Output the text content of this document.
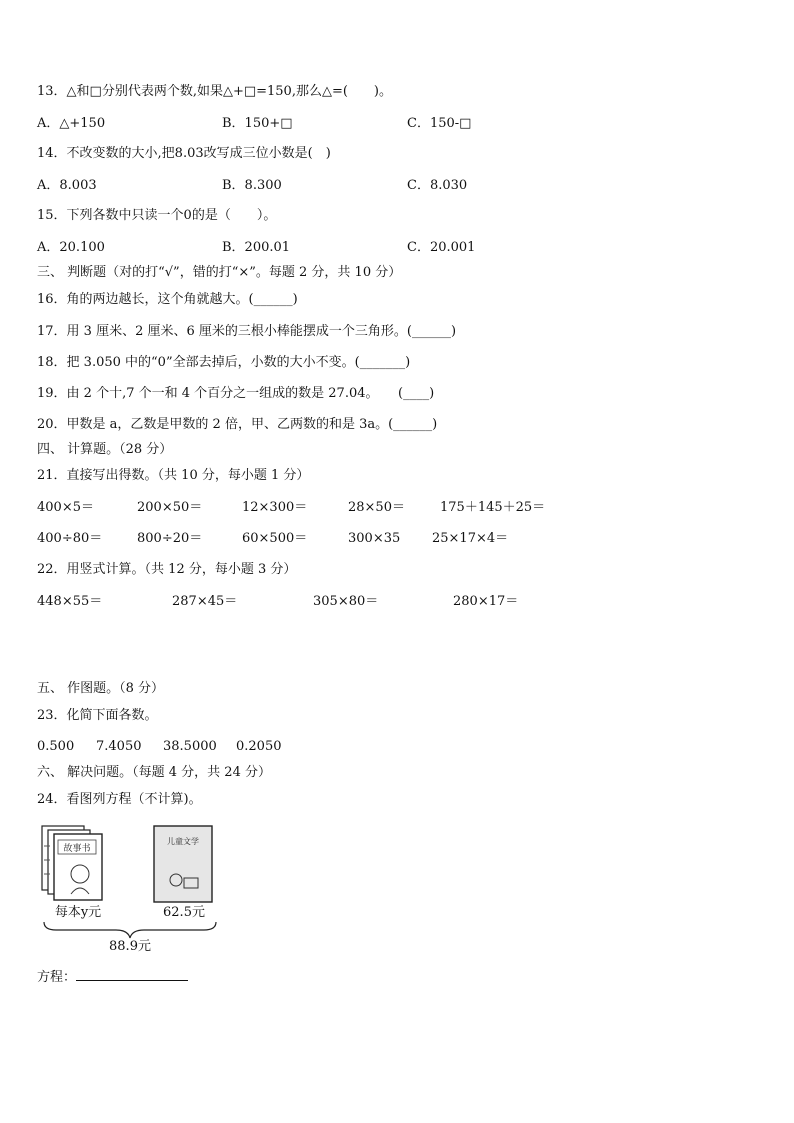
13．△和□分别代表两个数,如果△+□=150,那么△=(　　)。
A．△+150	B．150+□	C．150-□
14．不改变数的大小,把8.03改写成三位小数是(　)
A．8.003	B．8.300	C．8.030
15．下列各数中只读一个0的是（　　）。
A．20.100	B．200.01	C．20.001
三、 判断题（对的打“√”，错的打“×”。每题 2 分，共 10 分）
16．角的两边越长，这个角就越大。(______)
17．用 3 厘米、2 厘米、6 厘米的三根小棒能摆成一个三角形。(______)
18．把 3.050 中的“0”全部去掉后，小数的大小不变。(_______)
19．由 2 个十,7 个一和 4 个百分之一组成的数是 27.04。　　(____)
20．甲数是 a，乙数是甲数的 2 倍，甲、乙两数的和是 3a。(______)
四、 计算题。（28 分）
21．直接写出得数。（共 10 分，每小题 1 分）
400×5＝	200×50＝	12×300＝	28×50＝	175＋145＋25＝
400÷80＝	800÷20＝	60×500＝	300×35 25×17×4＝
22．用竖式计算。（共 12 分，每小题 3 分）
448×55＝	287×45＝	305×80＝	280×17＝
五、 作图题。（8 分）
23．化简下面各数。
0.500 7.4050 38.5000 0.2050
六、 解决问题。（每题 4 分，共 24 分）
24．看图列方程（不计算)。
故事书
儿童文学
每本y元	62.5元
88.9元
方程：
